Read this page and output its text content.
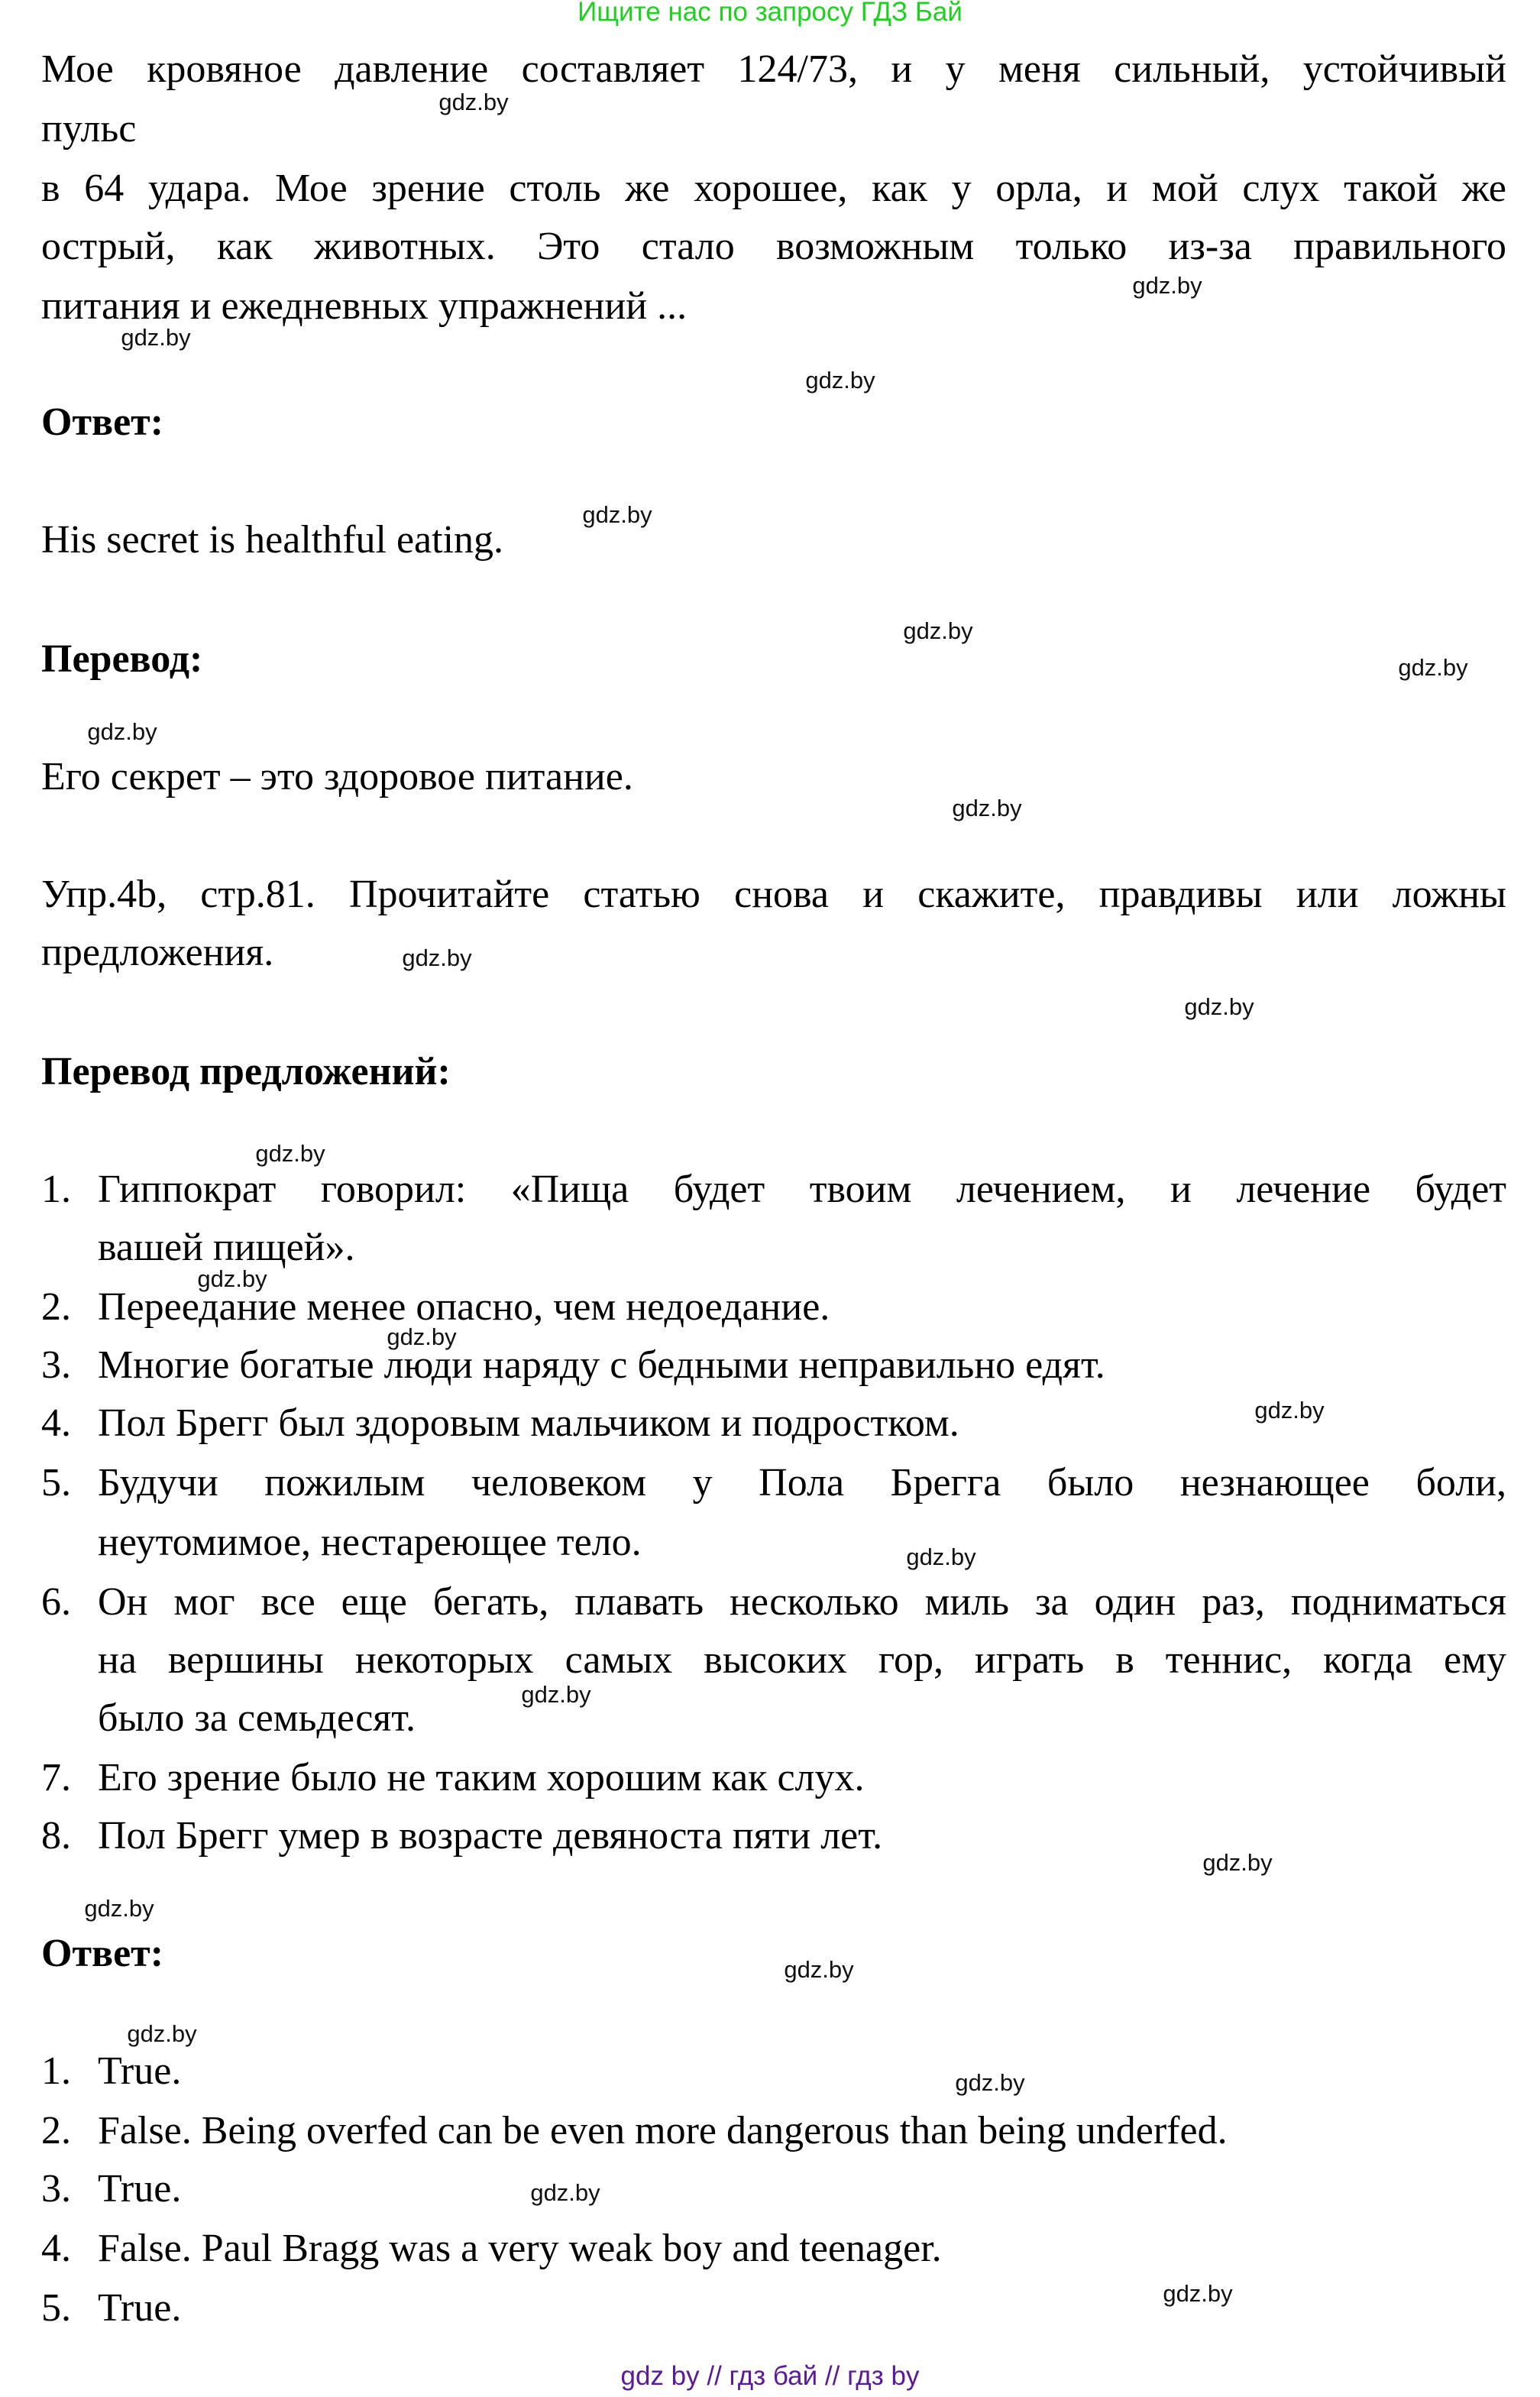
Ищите нас по запросу ГДЗ Бай
Мое кровяное давление составляет 124/73, и у меня сильный, устойчивый
пульс
в 64 удара. Мое зрение столь же хорошее, как у орла, и мой слух такой же
острый, как животных. Это стало возможным только из-за правильного
питания и ежедневных упражнений ...
Ответ:
His secret is healthful eating.
Перевод:
Его секрет – это здоровое питание.
Упр.4b, стр.81. Прочитайте статью снова и скажите, правдивы или ложны
предложения.
Перевод предложений:
1. Гиппократ говорил: «Пища будет твоим лечением, и лечение будет
вашей пищей».
2. Переедание менее опасно, чем недоедание.
3. Многие богатые люди наряду с бедными неправильно едят.
4. Пол Брегг был здоровым мальчиком и подростком.
5. Будучи пожилым человеком у Пола Брегга было незнающее боли,
неутомимое, нестареющее тело.
6. Он мог все еще бегать, плавать несколько миль за один раз, подниматься
на вершины некоторых самых высоких гор, играть в теннис, когда ему
было за семьдесят.
7. Его зрение было не таким хорошим как слух.
8. Пол Брегг умер в возрасте девяноста пяти лет.
Ответ:
1. True.
2. False. Being overfed can be even more dangerous than being underfed.
3. True.
4. False. Paul Bragg was a very weak boy and teenager.
5. True.
gdz.by
gdz.by
gdz.by
gdz.by
gdz.by
gdz.by
gdz.by
gdz.by
gdz.by
gdz.by
gdz.by
gdz.by
gdz.by
gdz.by
gdz.by
gdz.by
gdz.by
gdz.by
gdz.by
gdz.by
gdz.by
gdz.by
gdz.by
gdz.by
gdz by // гдз бай // гдз by
